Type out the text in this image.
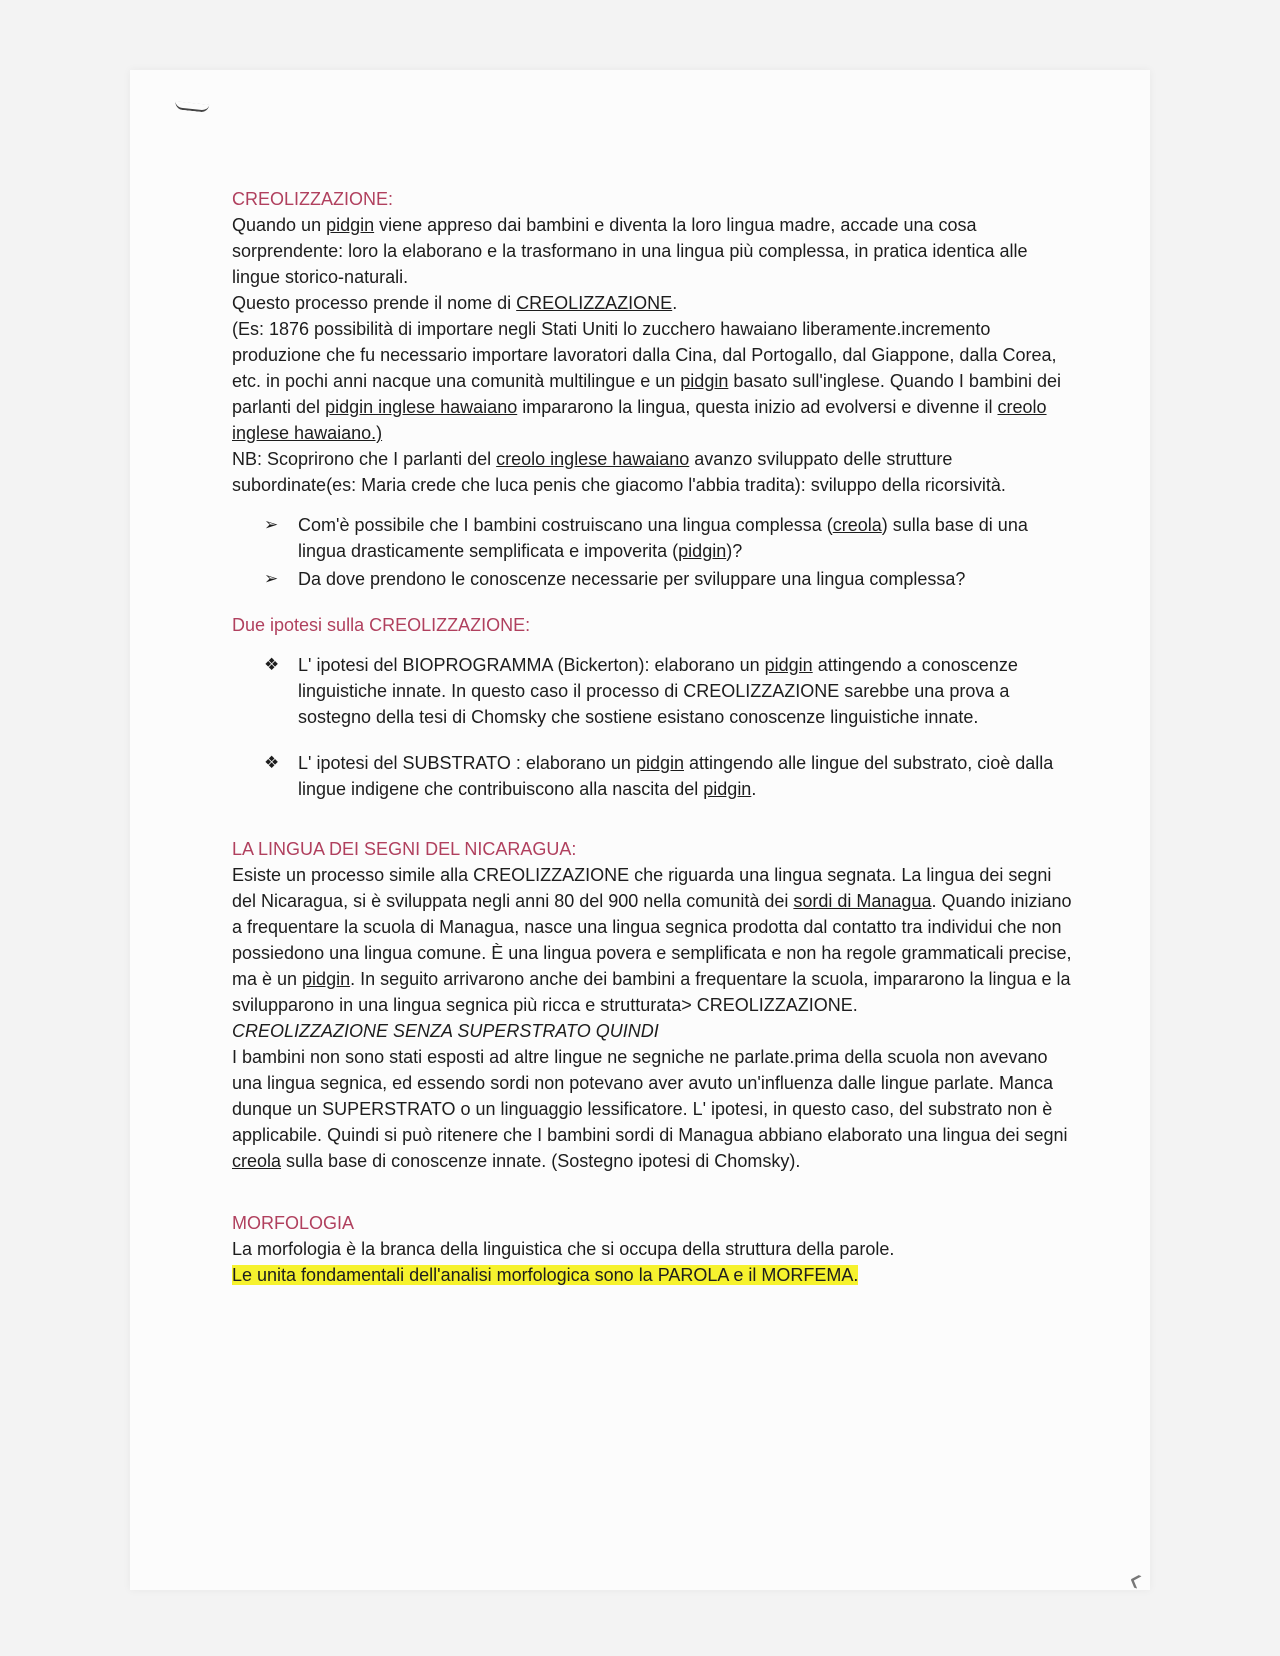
‹

CREOLIZZAZIONE:

Quando un pidgin viene appreso dai bambini e diventa la loro lingua madre, accade una cosa sorprendente: loro la elaborano e la trasformano in una lingua più complessa, in pratica identica alle lingue storico-naturali.

Questo processo prende il nome di CREOLIZZAZIONE.

(Es: 1876 possibilità di importare negli Stati Uniti lo zucchero hawaiano liberamente.incremento produzione che fu necessario importare lavoratori dalla Cina, dal Portogallo, dal Giappone, dalla Corea, etc. in pochi anni nacque una comunità multilingue e un pidgin basato sull'inglese. Quando I bambini dei parlanti del pidgin inglese hawaiano impararono la lingua, questa inizio ad evolversi e divenne il creolo inglese hawaiano.)

NB: Scoprirono che I parlanti del creolo inglese hawaiano avanzo sviluppato delle strutture subordinate(es: Maria crede che luca penis che giacomo l'abbia tradita): sviluppo della ricorsività.

➢ Com'è possibile che I bambini costruiscano una lingua complessa (creola) sulla base di una lingua drasticamente semplificata e impoverita (pidgin)?
➢ Da dove prendono le conoscenze necessarie per sviluppare una lingua complessa?

Due ipotesi sulla CREOLIZZAZIONE:

❖ L' ipotesi del BIOPROGRAMMA (Bickerton): elaborano un pidgin attingendo a conoscenze linguistiche innate. In questo caso il processo di CREOLIZZAZIONE sarebbe una prova a sostegno della tesi di Chomsky che sostiene esistano conoscenze linguistiche innate.
❖ L' ipotesi del SUBSTRATO : elaborano un pidgin attingendo alle lingue del substrato, cioè dalla lingue indigene che contribuiscono alla nascita del pidgin.

LA LINGUA DEI SEGNI DEL NICARAGUA:

Esiste un processo simile alla CREOLIZZAZIONE che riguarda una lingua segnata. La lingua dei segni del Nicaragua, si è sviluppata negli anni 80 del 900 nella comunità dei sordi di Managua. Quando iniziano a frequentare la scuola di Managua, nasce una lingua segnica prodotta dal contatto tra individui che non possiedono una lingua comune. È una lingua povera e semplificata e non ha regole grammaticali precise, ma è un pidgin. In seguito arrivarono anche dei bambini a frequentare la scuola, impararono la lingua e la svilupparono in una lingua segnica più ricca e strutturata> CREOLIZZAZIONE.

CREOLIZZAZIONE SENZA SUPERSTRATO QUINDI

I bambini non sono stati esposti ad altre lingue ne segniche ne parlate.prima della scuola non avevano una lingua segnica, ed essendo sordi non potevano aver avuto un'influenza dalle lingue parlate. Manca dunque un SUPERSTRATO o un linguaggio lessificatore. L' ipotesi, in questo caso, del substrato non è applicabile. Quindi si può ritenere che I bambini sordi di Managua abbiano elaborato una lingua dei segni creola sulla base di conoscenze innate. (Sostegno ipotesi di Chomsky).

MORFOLOGIA

La morfologia è la branca della linguistica che si occupa della struttura della parole.

Le unita fondamentali dell'analisi morfologica sono la PAROLA e il MORFEMA.
